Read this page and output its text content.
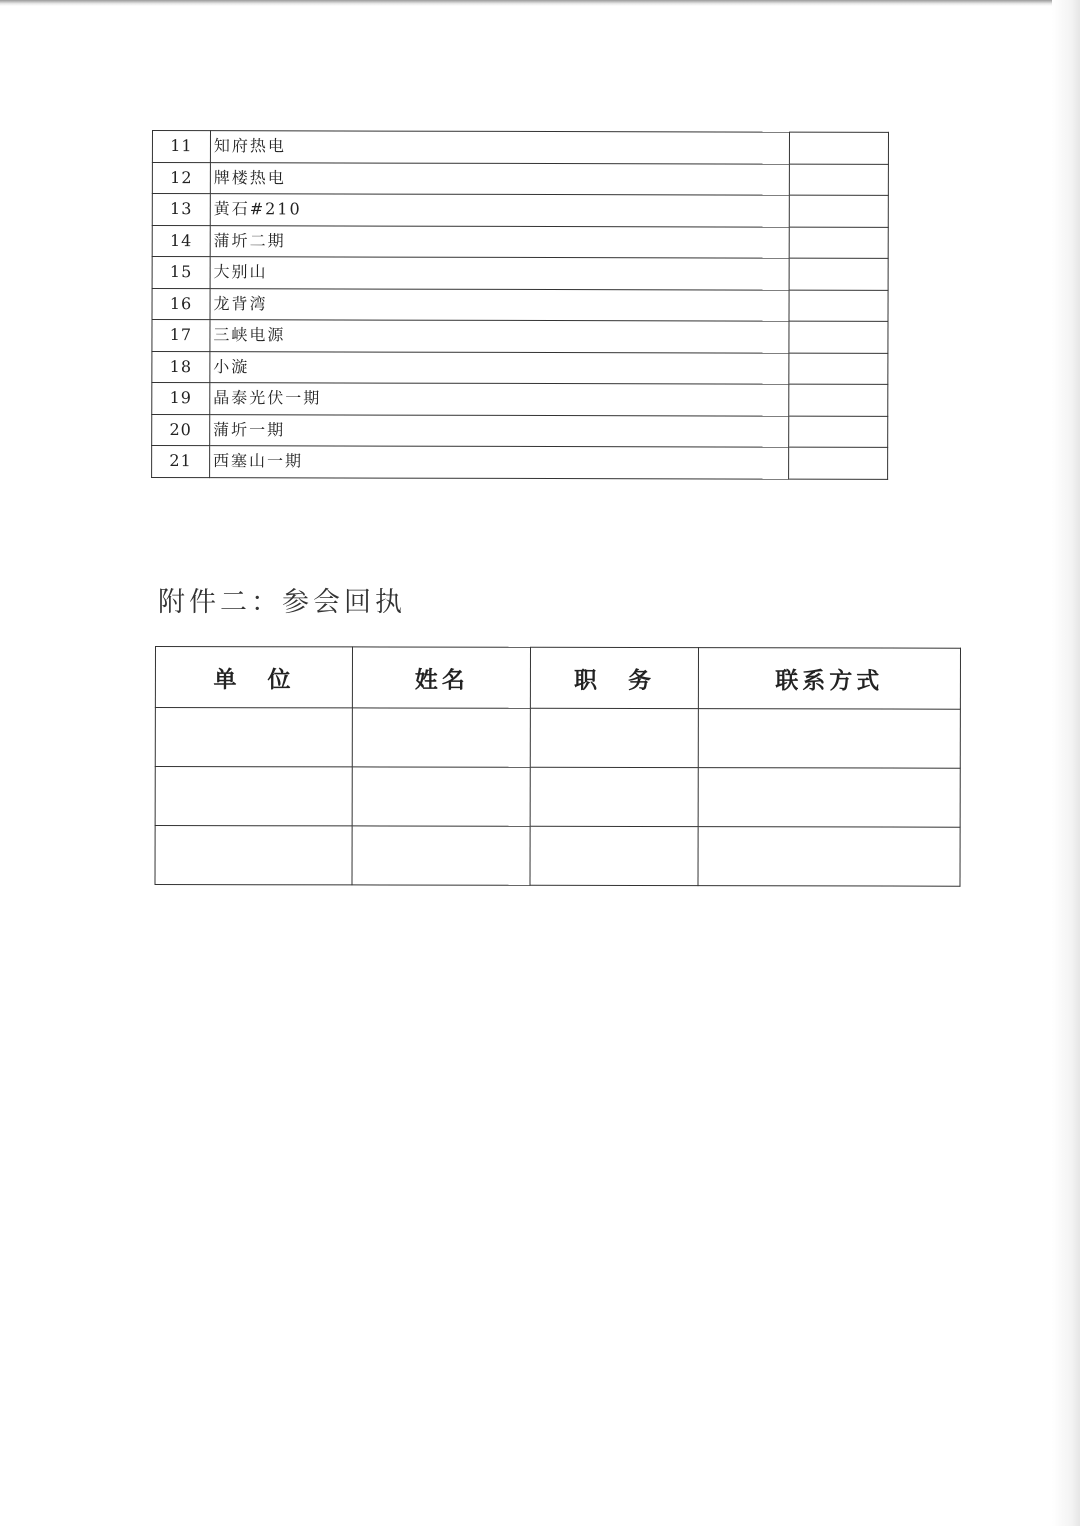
11	知府热电	
12	牌楼热电	
13	黄石#210	
14	蒲圻二期	
15	大别山	
16	龙背湾	
17	三峡电源	
18	小漩	
19	晶泰光伏一期	
20	蒲圻一期	
21	西塞山一期	
附件二：参会回执
单　位	姓名	职　务	联系方式
